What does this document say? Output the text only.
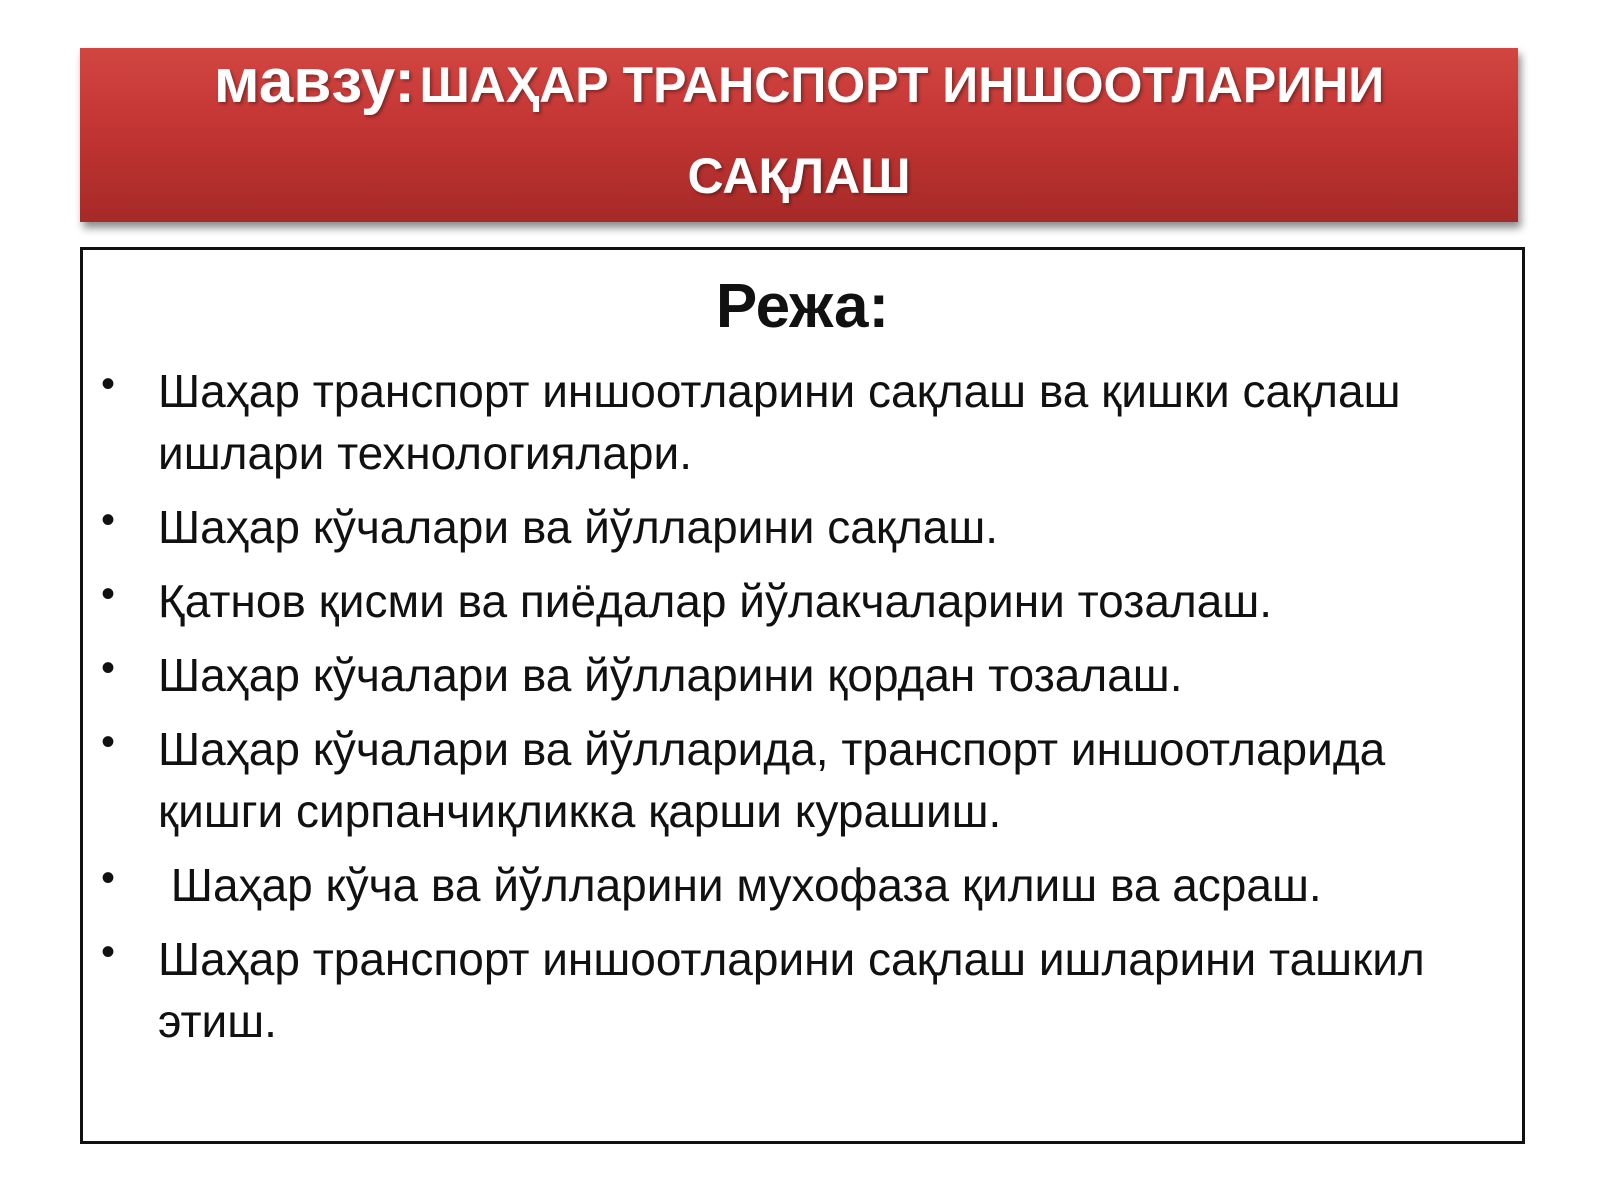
мавзу: ШАҲАР ТРАНСПОРТ ИНШООТЛАРИНИ САҚЛАШ
Режа:
• Шаҳар транспорт иншоотларини сақлаш ва қишки сақлаш ишлари технологиялари.
• Шаҳар кўчалари ва йўлларини сақлаш.
• Қатнов қисми ва пиёдалар йўлакчаларини тозалаш.
• Шаҳар кўчалари ва йўлларини қордан тозалаш.
• Шаҳар кўчалари ва йўлларида, транспорт иншоотларида қишги сирпанчиқликка қарши курашиш.
• Шаҳар кўча ва йўлларини мухофаза қилиш ва асраш.
• Шаҳар транспорт иншоотларини сақлаш ишларини ташкил этиш.
